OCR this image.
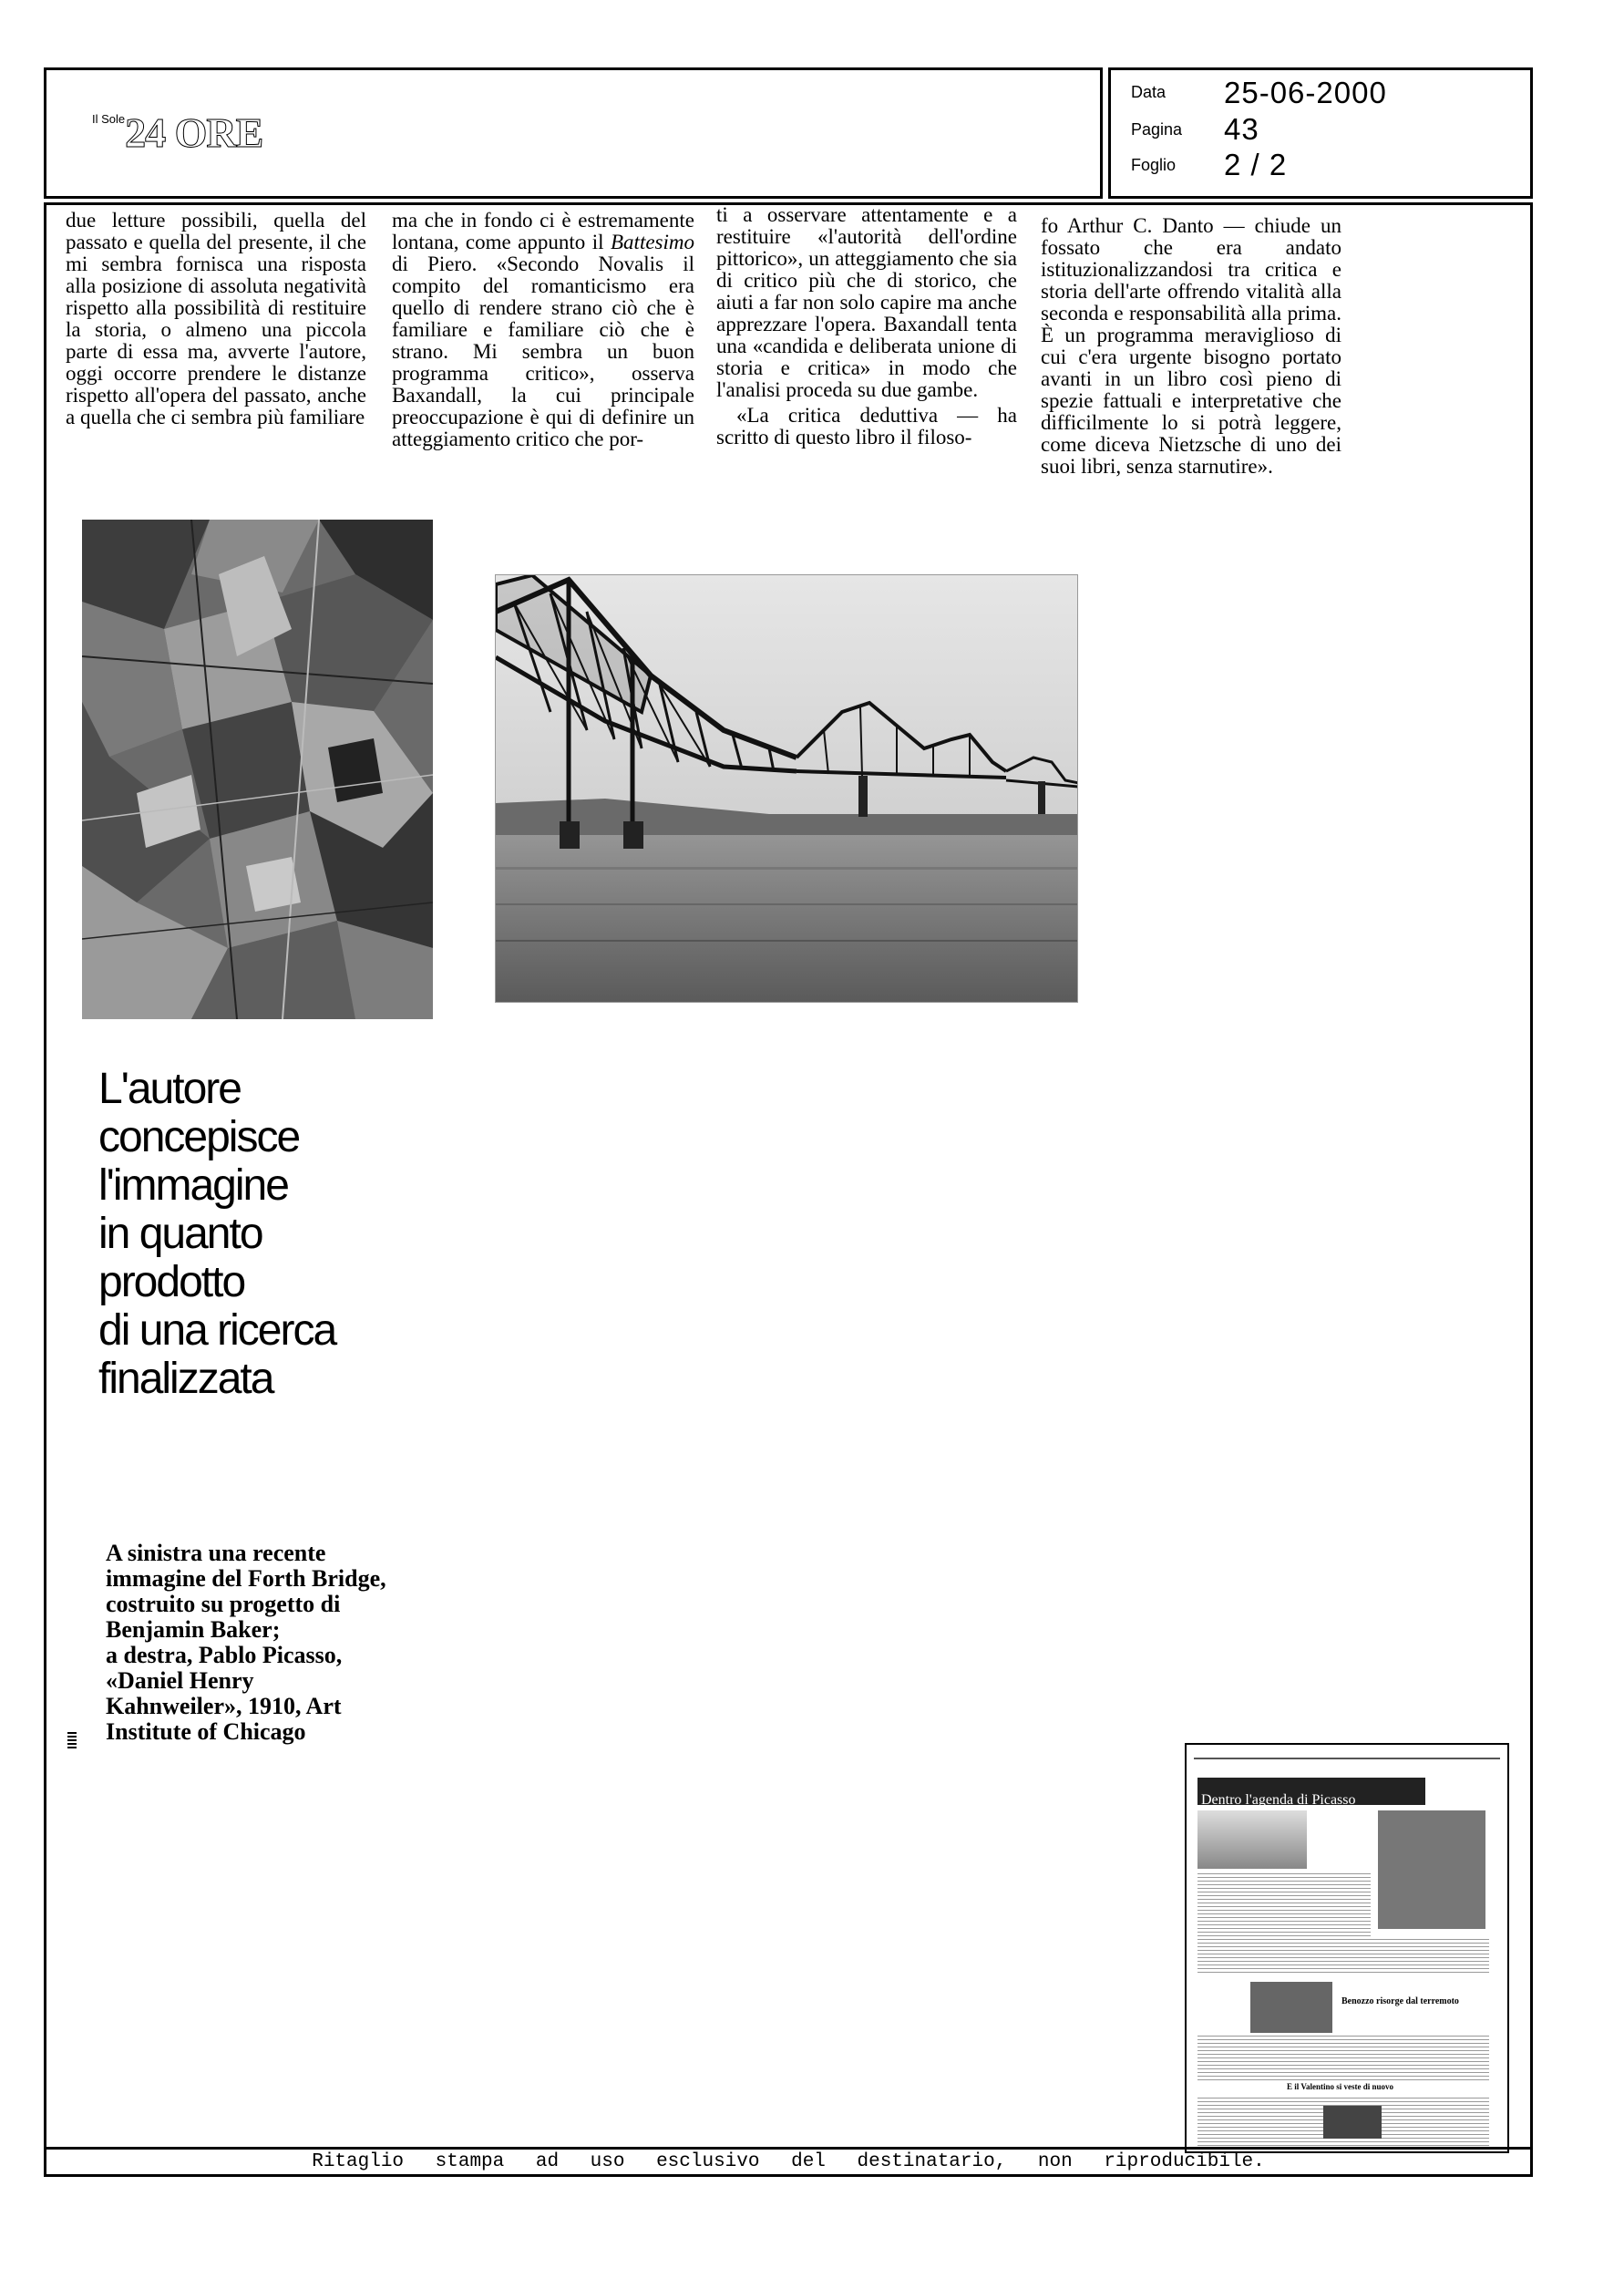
$^{Il Sole}$24 ORE
Data 25-06-2000
Pagina 43
Foglio 2 / 2

due letture possibili, quella del passato e quella del presente, il che mi sembra fornisca una risposta alla posizione di assoluta negatività rispetto alla possibilità di restituire la storia, o almeno una piccola parte di essa ma, avverte l'autore, oggi occorre prendere le distanze rispetto all'opera del passato, anche a quella che ci sembra più familiare

ma che in fondo ci è estremamente lontana, come appunto il Battesimo di Piero. «Secondo Novalis il compito del romanticismo era quello di rendere strano ciò che è familiare e familiare ciò che è strano. Mi sembra un buon programma critico», osserva Baxandall, la cui principale preoccupazione è qui di definire un atteggiamento critico che por-

ti a osservare attentamente e a restituire «l'autorità dell'ordine pittorico», un atteggiamento che sia di critico più che di storico, che aiuti a far non solo capire ma anche apprezzare l'opera. Baxandall tenta una «candida e deliberata unione di storia e critica» in modo che l'analisi proceda su due gambe.

«La critica deduttiva — ha scritto di questo libro il filoso-

fo Arthur C. Danto — chiude un fossato che era andato istituzionalizzandosi tra critica e storia dell'arte offrendo vitalità alla seconda e responsabilità alla prima. È un programma meraviglioso di cui c'era urgente bisogno portato avanti in un libro così pieno di spezie fattuali e interpretative che difficilmente lo si potrà leggere, come diceva Nietzsche di uno dei suoi libri, senza starnutire».

L'autore
concepisce
l'immagine
in quanto
prodotto
di una ricerca
finalizzata
A sinistra una recente
immagine del Forth Bridge,
costruito su progetto di
Benjamin Baker;
a destra, Pablo Picasso,
«Daniel Henry
Kahnweiler», 1910, Art
Institute of Chicago
Dentro l'agenda di Picasso
Benozzo risorge dal terremoto
E il Valentino si veste di nuovo
Ritaglio stampa ad uso esclusivo del destinatario, non riproducibile.
